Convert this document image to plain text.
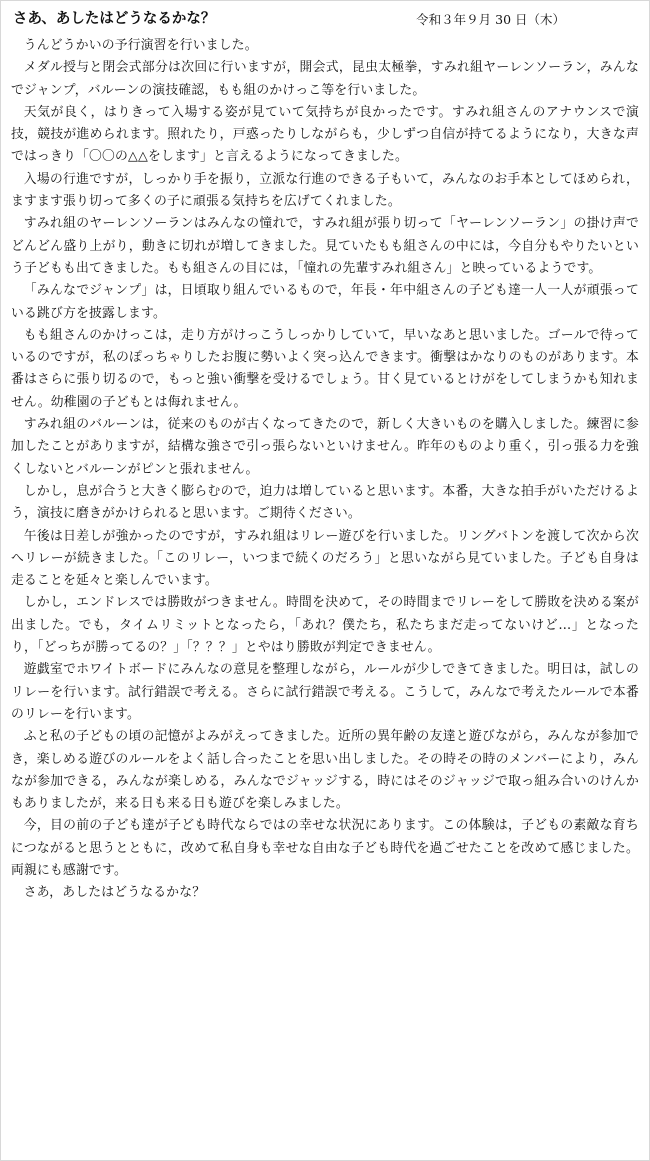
さあ、あしたはどうなるかな？	令和３年９月 30 日（木）

うんどうかいの予行演習を行いました。

メダル授与と閉会式部分は次回に行いますが，開会式，昆虫太極拳，すみれ組ヤーレンソーラン，みんなでジャンプ，バルーンの演技確認，もも組のかけっこ等を行いました。

天気が良く，はりきって入場する姿が見ていて気持ちが良かったです。すみれ組さんのアナウンスで演技，競技が進められます。照れたり，戸惑ったりしながらも，少しずつ自信が持てるようになり，大きな声ではっきり「〇〇の△△をします」と言えるようになってきました。

入場の行進ですが，しっかり手を振り，立派な行進のできる子もいて，みんなのお手本としてほめられ，ますます張り切って多くの子に頑張る気持ちを広げてくれました。

すみれ組のヤーレンソーランはみんなの憧れで，すみれ組が張り切って「ヤーレンソーラン」の掛け声でどんどん盛り上がり，動きに切れが増してきました。見ていたもも組さんの中には，今自分もやりたいという子どもも出てきました。もも組さんの目には，「憧れの先輩すみれ組さん」と映っているようです。

「みんなでジャンプ」は，日頃取り組んでいるもので，年長・年中組さんの子ども達一人一人が頑張っている跳び方を披露します。

もも組さんのかけっこは，走り方がけっこうしっかりしていて，早いなあと思いました。ゴールで待っているのですが，私のぽっちゃりしたお腹に勢いよく突っ込んできます。衝撃はかなりのものがあります。本番はさらに張り切るので，もっと強い衝撃を受けるでしょう。甘く見ているとけがをしてしまうかも知れません。幼稚園の子どもとは侮れません。

すみれ組のバルーンは，従来のものが古くなってきたので，新しく大きいものを購入しました。練習に参加したことがありますが，結構な強さで引っ張らないといけません。昨年のものより重く，引っ張る力を強くしないとバルーンがピンと張れません。

しかし，息が合うと大きく膨らむので，迫力は増していると思います。本番，大きな拍手がいただけるよう，演技に磨きがかけられると思います。ご期待ください。

午後は日差しが強かったのですが，すみれ組はリレー遊びを行いました。リングバトンを渡して次から次へリレーが続きました。「このリレー，いつまで続くのだろう」と思いながら見ていました。子ども自身は走ることを延々と楽しんでいます。

しかし，エンドレスでは勝敗がつきません。時間を決めて，その時間までリレーをして勝敗を決める案が出ました。でも，タイムリミットとなったら，「あれ？僕たち，私たちまだ走ってないけど…」となったり，「どっちが勝ってるの？」「？？？」とやはり勝敗が判定できません。

遊戯室でホワイトボードにみんなの意見を整理しながら，ルールが少しできてきました。明日は，試しのリレーを行います。試行錯誤で考える。さらに試行錯誤で考える。こうして，みんなで考えたルールで本番のリレーを行います。

ふと私の子どもの頃の記憶がよみがえってきました。近所の異年齢の友達と遊びながら，みんなが参加でき，楽しめる遊びのルールをよく話し合ったことを思い出しました。その時その時のメンバーにより，みんなが参加できる，みんなが楽しめる，みんなでジャッジする，時にはそのジャッジで取っ組み合いのけんかもありましたが，来る日も来る日も遊びを楽しみました。

今，目の前の子ども達が子ども時代ならではの幸せな状況にあります。この体験は，子どもの素敵な育ちにつながると思うとともに，改めて私自身も幸せな自由な子ども時代を過ごせたことを改めて感じました。両親にも感謝です。

さあ，あしたはどうなるかな？
